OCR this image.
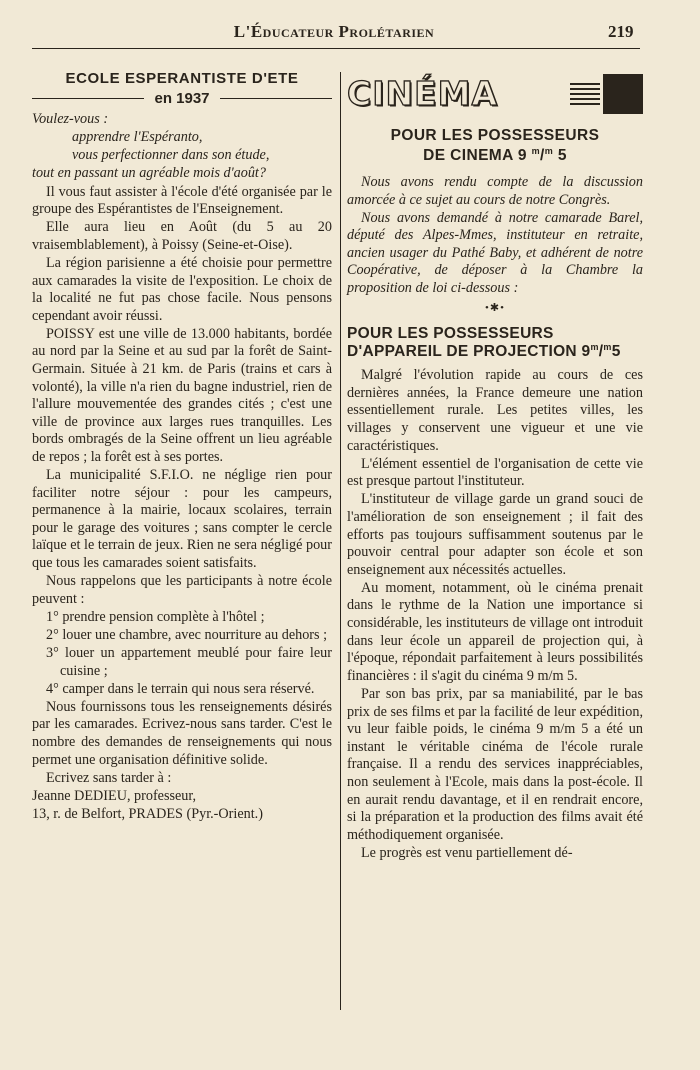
L'Éducateur Prolétarien	219
ECOLE ESPERANTISTE D'ETE
en 1937

Voulez-vous :

apprendre l'Espéranto,

vous perfectionner dans son étude,

tout en passant un agréable mois d'août?

Il vous faut assister à l'école d'été organisée par le groupe des Espérantistes de l'Enseignement.

Elle aura lieu en Août (du 5 au 20 vraisemblablement), à Poissy (Seine-et-Oise).

La région parisienne a été choisie pour permettre aux camarades la visite de l'exposition. Le choix de la localité ne fut pas chose facile. Nous pensons cependant avoir réussi.

POISSY est une ville de 13.000 habitants, bordée au nord par la Seine et au sud par la forêt de Saint-Germain. Située à 21 km. de Paris (trains et cars à volonté), la ville n'a rien du bagne industriel, rien de l'allure mouvementée des grandes cités ; c'est une ville de province aux larges rues tranquilles. Les bords ombragés de la Seine offrent un lieu agréable de repos ; la forêt est à ses portes.

La municipalité S.F.I.O. ne néglige rien pour faciliter notre séjour : pour les campeurs, permanence à la mairie, locaux scolaires, terrain pour le garage des voitures ; sans compter le cercle laïque et le terrain de jeux. Rien ne sera négligé pour que tous les camarades soient satisfaits.

Nous rappelons que les participants à notre école peuvent :

1° prendre pension complète à l'hôtel ;

2° louer une chambre, avec nourriture au dehors ;

3° louer un appartement meublé pour faire leur cuisine ;

4° camper dans le terrain qui nous sera réservé.

Nous fournissons tous les renseignements désirés par les camarades. Ecrivez-nous sans tarder. C'est le nombre des demandes de renseignements qui nous permet une organisation définitive solide.

Ecrivez sans tarder à :

Jeanne DEDIEU, professeur,

13, r. de Belfort, PRADES (Pyr.-Orient.)

CINÉMA
POUR LES POSSESSEURS
DE CINEMA 9 $^m$/$^m$ 5

Nous avons rendu compte de la discussion amorcée à ce sujet au cours de notre Congrès.

Nous avons demandé à notre camarade Barel, député des Alpes-Mmes, instituteur en retraite, ancien usager du Pathé Baby, et adhérent de notre Coopérative, de déposer à la Chambre la proposition de loi ci-dessous :

•✱•
POUR LES POSSESSEURS
D'APPAREIL DE PROJECTION 9$^m$/$^m$5

Malgré l'évolution rapide au cours de ces dernières années, la France demeure une nation essentiellement rurale. Les petites villes, les villages y conservent une vigueur et une vie caractéristiques.

L'élément essentiel de l'organisation de cette vie est presque partout l'instituteur.

L'instituteur de village garde un grand souci de l'amélioration de son enseignement ; il fait des efforts pas toujours suffisamment soutenus par le pouvoir central pour adapter son école et son enseignement aux nécessités actuelles.

Au moment, notamment, où le cinéma prenait dans le rythme de la Nation une importance si considérable, les instituteurs de village ont introduit dans leur école un appareil de projection qui, à l'époque, répondait parfaitement à leurs possibilités financières : il s'agit du cinéma 9 m/m 5.

Par son bas prix, par sa maniabilité, par le bas prix de ses films et par la facilité de leur expédition, vu leur faible poids, le cinéma 9 m/m 5 a été un instant le véritable cinéma de l'école rurale française. Il a rendu des services inappréciables, non seulement à l'Ecole, mais dans la post-école. Il en aurait rendu davantage, et il en rendrait encore, si la préparation et la production des films avait été méthodiquement organisée.

Le progrès est venu partiellement dé-
